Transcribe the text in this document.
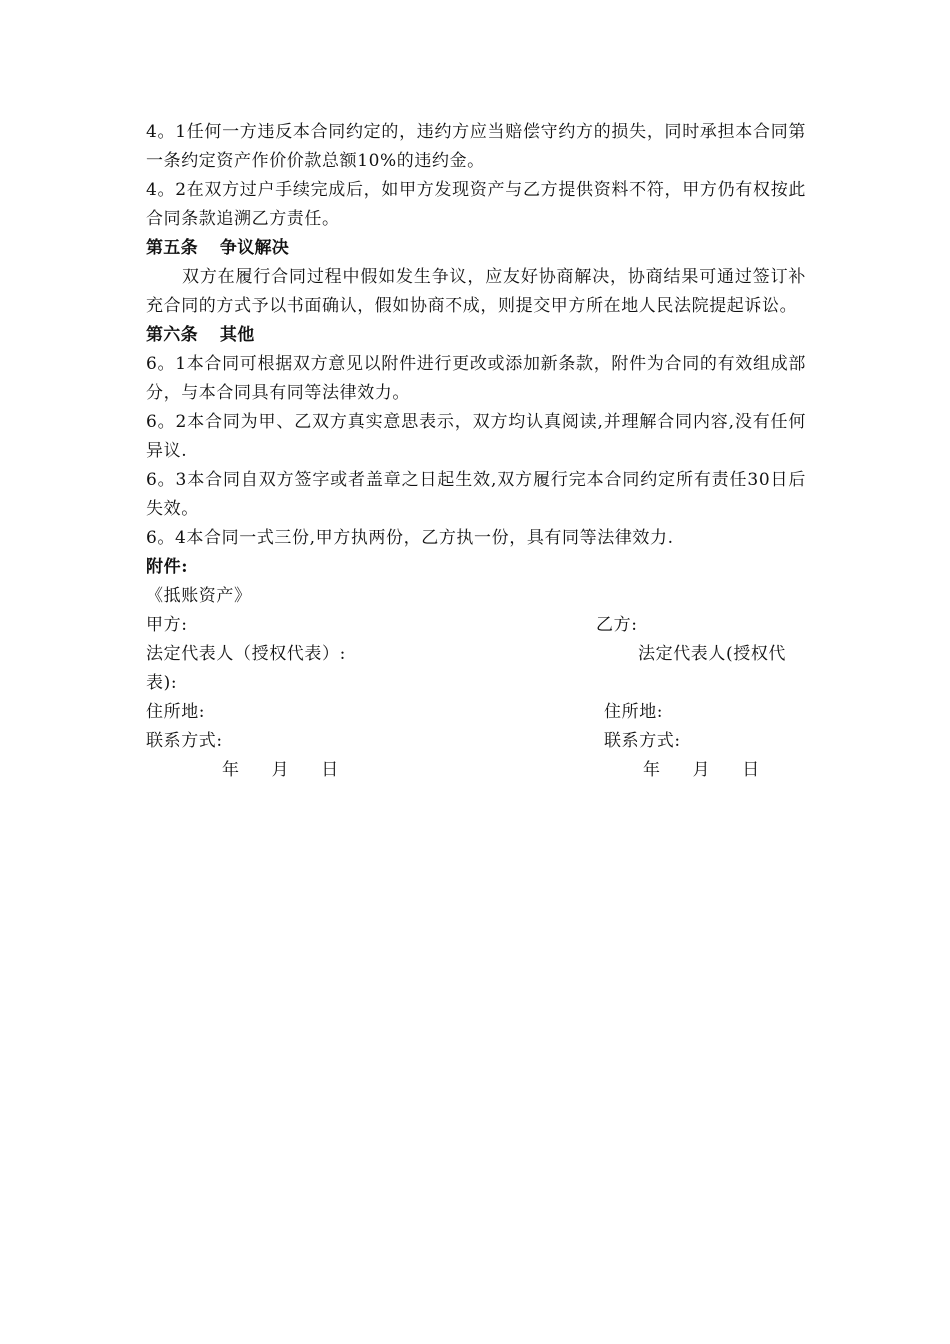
4。1任何一方违反本合同约定的，违约方应当赔偿守约方的损失，同时承担本合同第一条约定资产作价价款总额10%的违约金。

4。2在双方过户手续完成后，如甲方发现资产与乙方提供资料不符，甲方仍有权按此合同条款追溯乙方责任。

第五条 争议解决

双方在履行合同过程中假如发生争议，应友好协商解决，协商结果可通过签订补充合同的方式予以书面确认，假如协商不成，则提交甲方所在地人民法院提起诉讼。

第六条 其他

6。1本合同可根据双方意见以附件进行更改或添加新条款，附件为合同的有效组成部分，与本合同具有同等法律效力。

6。2本合同为甲、乙双方真实意思表示，双方均认真阅读,并理解合同内容,没有任何异议.

6。3本合同自双方签字或者盖章之日起生效,双方履行完本合同约定所有责任30日后失效。

6。4本合同一式三份,甲方执两份，乙方执一份，具有同等法律效力.

附件:

《抵账资产》

甲方:	乙方:
法定代表人（授权代表）:	法定代表人(授权代
表):
住所地:	住所地:
联系方式:	联系方式:
年 月 日	年 月 日
